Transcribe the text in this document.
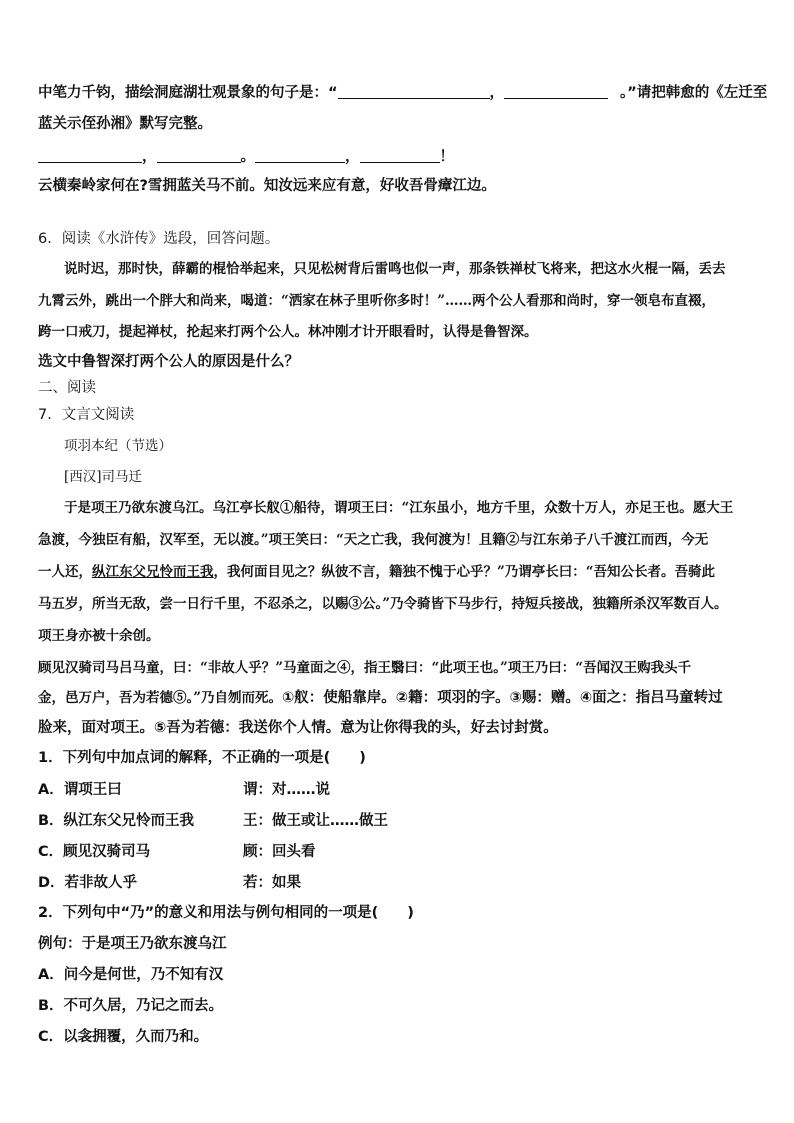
中笔力千钧，描绘洞庭湖壮观景象的句子是：“	，	。”请把韩愈的《左迁至
蓝关示侄孙湘》默写完整。
，	。	，	！
云横秦岭家何在?雪拥蓝关马不前。知汝远来应有意，好收吾骨瘴江边。
6．阅读《水浒传》选段，回答问题。
说时迟，那时快，薛霸的棍恰举起来，只见松树背后雷鸣也似一声，那条铁禅杖飞将来，把这水火棍一隔，丢去
九霄云外，跳出一个胖大和尚来，喝道：“洒家在林子里听你多时！”……两个公人看那和尚时，穿一领皂布直裰，
跨一口戒刀，提起禅杖，抡起来打两个公人。林冲刚才计开眼看时，认得是鲁智深。
选文中鲁智深打两个公人的原因是什么？
二、阅读
7．文言文阅读
项羽本纪（节选）
[西汉]司马迁
于是项王乃欲东渡乌江。乌江亭长舣①船待，谓项王曰：“江东虽小，地方千里，众数十万人，亦足王也。愿大王
急渡，今独臣有船，汉军至，无以渡。”项王笑曰：“天之亡我，我何渡为！且籍②与江东弟子八千渡江而西，今无
一人还，纵江东父兄怜而王我，我何面目见之？纵彼不言，籍独不愧于心乎？”乃谓亭长曰：“吾知公长者。吾骑此
马五岁，所当无敌，尝一日行千里，不忍杀之，以赐③公。”乃令骑皆下马步行，持短兵接战，独籍所杀汉军数百人。
项王身亦被十余创。
顾见汉骑司马吕马童，曰：“非故人乎？”马童面之④，指王翳曰：“此项王也。”项王乃曰：“吾闻汉王购我头千
金，邑万户，吾为若德⑤。”乃自刎而死。①舣：使船靠岸。②籍：项羽的字。③赐：赠。④面之：指吕马童转过
脸来，面对项王。⑤吾为若德：我送你个人情。意为让你得我的头，好去讨封赏。
1．下列句中加点词的解释，不正确的一项是(　　)
A．谓项王曰	谓：对……说
B．纵江东父兄怜而王我	王：做王或让……做王
C．顾见汉骑司马	顾：回头看
D．若非故人乎	若：如果
2．下列句中“乃”的意义和用法与例句相同的一项是(　　)
例句：于是项王乃欲东渡乌江
A．问今是何世，乃不知有汉
B．不可久居，乃记之而去。
C．以衾拥覆，久而乃和。
